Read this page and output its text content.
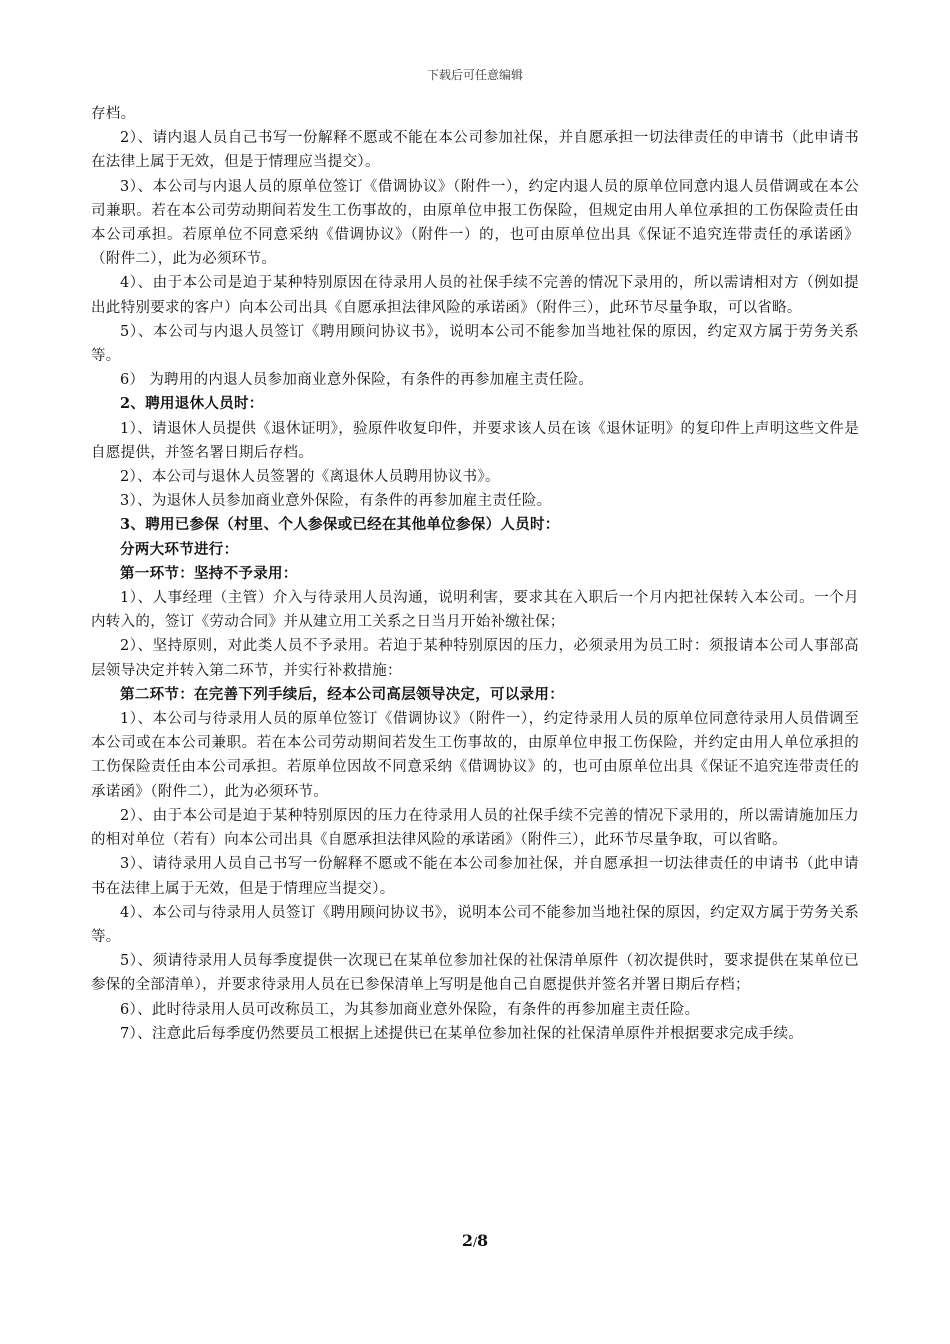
下载后可任意编辑

存档。

2）、请内退人员自己书写一份解释不愿或不能在本公司参加社保，并自愿承担一切法律责任的申请书（此申请书在法律上属于无效，但是于情理应当提交）。

3）、本公司与内退人员的原单位签订《借调协议》（附件一），约定内退人员的原单位同意内退人员借调或在本公司兼职。若在本公司劳动期间若发生工伤事故的，由原单位申报工伤保险，但规定由用人单位承担的工伤保险责任由本公司承担。若原单位不同意采纳《借调协议》（附件一）的，也可由原单位出具《保证不追究连带责任的承诺函》（附件二），此为必须环节。

4）、由于本公司是迫于某种特别原因在待录用人员的社保手续不完善的情况下录用的，所以需请相对方（例如提出此特别要求的客户）向本公司出具《自愿承担法律风险的承诺函》（附件三），此环节尽量争取，可以省略。

5）、本公司与内退人员签订《聘用顾问协议书》，说明本公司不能参加当地社保的原因，约定双方属于劳务关系等。

6） 为聘用的内退人员参加商业意外保险，有条件的再参加雇主责任险。

2、聘用退休人员时：

1）、请退休人员提供《退休证明》，验原件收复印件，并要求该人员在该《退休证明》的复印件上声明这些文件是自愿提供，并签名署日期后存档。

2）、本公司与退休人员签署的《离退休人员聘用协议书》。

3）、为退休人员参加商业意外保险，有条件的再参加雇主责任险。

3、聘用已参保（村里、个人参保或已经在其他单位参保）人员时：

分两大环节进行：

第一环节：坚持不予录用：

1）、人事经理（主管）介入与待录用人员沟通，说明利害，要求其在入职后一个月内把社保转入本公司。一个月内转入的，签订《劳动合同》并从建立用工关系之日当月开始补缴社保；

2）、坚持原则，对此类人员不予录用。若迫于某种特别原因的压力，必须录用为员工时：须报请本公司人事部高层领导决定并转入第二环节，并实行补救措施：

第二环节：在完善下列手续后，经本公司高层领导决定，可以录用：

1）、本公司与待录用人员的原单位签订《借调协议》（附件一），约定待录用人员的原单位同意待录用人员借调至本公司或在本公司兼职。若在本公司劳动期间若发生工伤事故的，由原单位申报工伤保险，并约定由用人单位承担的工伤保险责任由本公司承担。若原单位因故不同意采纳《借调协议》的，也可由原单位出具《保证不追究连带责任的承诺函》（附件二），此为必须环节。

2）、由于本公司是迫于某种特别原因的压力在待录用人员的社保手续不完善的情况下录用的，所以需请施加压力的相对单位（若有）向本公司出具《自愿承担法律风险的承诺函》（附件三），此环节尽量争取，可以省略。

3）、请待录用人员自己书写一份解释不愿或不能在本公司参加社保，并自愿承担一切法律责任的申请书（此申请书在法律上属于无效，但是于情理应当提交）。

4）、本公司与待录用人员签订《聘用顾问协议书》，说明本公司不能参加当地社保的原因，约定双方属于劳务关系等。

5）、须请待录用人员每季度提供一次现已在某单位参加社保的社保清单原件（初次提供时，要求提供在某单位已参保的全部清单），并要求待录用人员在已参保清单上写明是他自己自愿提供并签名并署日期后存档；

6）、此时待录用人员可改称员工，为其参加商业意外保险，有条件的再参加雇主责任险。

7）、注意此后每季度仍然要员工根据上述提供已在某单位参加社保的社保清单原件并根据要求完成手续。

2/8
